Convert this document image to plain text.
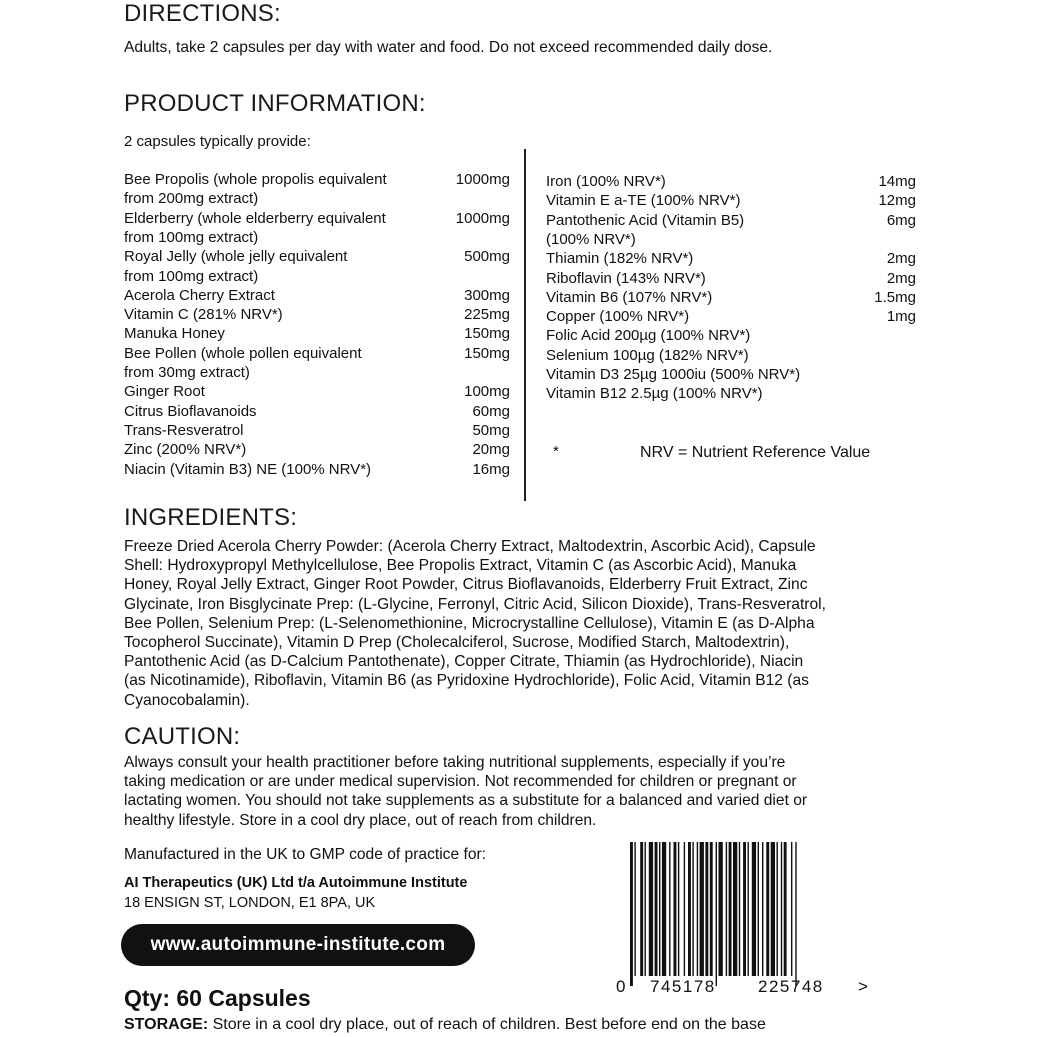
DIRECTIONS:
Adults, take 2 capsules per day with water and food. Do not exceed recommended daily dose.
PRODUCT INFORMATION:
2 capsules typically provide:
Bee Propolis (whole propolis equivalent	1000mg
from 200mg extract)
Elderberry (whole elderberry equivalent	1000mg
from 100mg extract)
Royal Jelly (whole jelly equivalent	500mg
from 100mg extract)
Acerola Cherry Extract	300mg
Vitamin C (281% NRV*)	225mg
Manuka Honey	150mg
Bee Pollen (whole pollen equivalent	150mg
from 30mg extract)
Ginger Root	100mg
Citrus Bioflavanoids	60mg
Trans-Resveratrol	50mg
Zinc (200% NRV*)	20mg
Niacin (Vitamin B3) NE (100% NRV*)	16mg
Iron (100% NRV*)	14mg
Vitamin E a-TE (100% NRV*)	12mg
Pantothenic Acid (Vitamin B5)	6mg
(100% NRV*)
Thiamin (182% NRV*)	2mg
Riboflavin (143% NRV*)	2mg
Vitamin B6 (107% NRV*)	1.5mg
Copper (100% NRV*)	1mg
Folic Acid 200µg (100% NRV*)
Selenium 100µg (182% NRV*)
Vitamin D3 25µg 1000iu (500% NRV*)
Vitamin B12 2.5µg (100% NRV*)
*	NRV = Nutrient Reference Value
INGREDIENTS:
Freeze Dried Acerola Cherry Powder: (Acerola Cherry Extract, Maltodextrin, Ascorbic Acid), Capsule
Shell: Hydroxypropyl Methylcellulose, Bee Propolis Extract, Vitamin C (as Ascorbic Acid), Manuka
Honey, Royal Jelly Extract, Ginger Root Powder, Citrus Bioflavanoids, Elderberry Fruit Extract, Zinc
Glycinate, Iron Bisglycinate Prep: (L-Glycine, Ferronyl, Citric Acid, Silicon Dioxide), Trans-Resveratrol,
Bee Pollen, Selenium Prep: (L-Selenomethionine, Microcrystalline Cellulose), Vitamin E (as D-Alpha
Tocopherol Succinate), Vitamin D Prep (Cholecalciferol, Sucrose, Modified Starch, Maltodextrin),
Pantothenic Acid (as D-Calcium Pantothenate), Copper Citrate, Thiamin (as Hydrochloride), Niacin
(as Nicotinamide), Riboflavin, Vitamin B6 (as Pyridoxine Hydrochloride), Folic Acid, Vitamin B12 (as
Cyanocobalamin).
CAUTION:
Always consult your health practitioner before taking nutritional supplements, especially if you’re
taking medication or are under medical supervision. Not recommended for children or pregnant or
lactating women. You should not take supplements as a substitute for a balanced and varied diet or
healthy lifestyle. Store in a cool dry place, out of reach from children.
Manufactured in the UK to GMP code of practice for:
AI Therapeutics (UK) Ltd t/a Autoimmune Institute
18 ENSIGN ST, LONDON, E1 8PA, UK
www.autoimmune-institute.com
0 745178 225748 >
Qty: 60 Capsules
STORAGE: Store in a cool dry place, out of reach of children. Best before end on the base
